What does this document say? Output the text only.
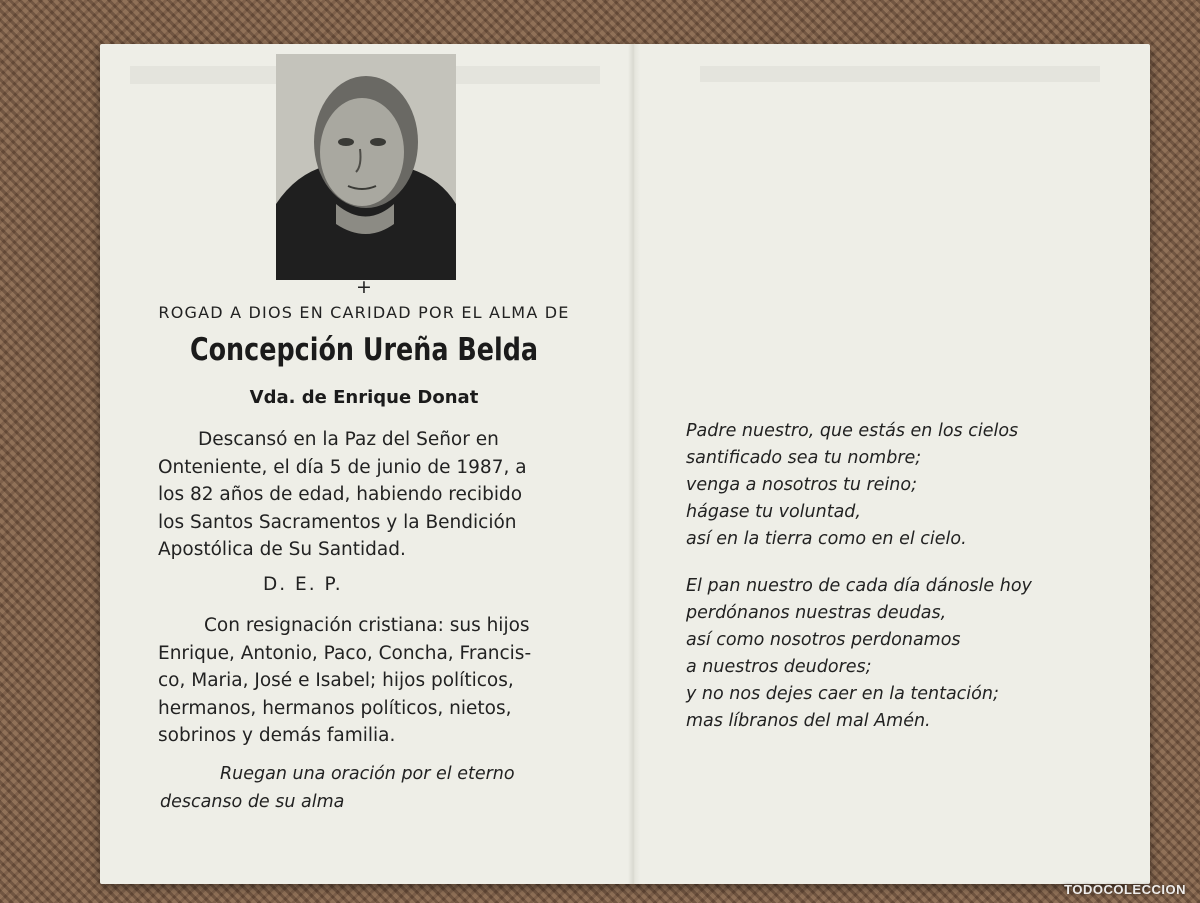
+
ROGAD A DIOS EN CARIDAD POR EL ALMA DE
Concepción Ureña Belda
Vda. de Enrique Donat
Descansó en la Paz del Señor en
Onteniente, el día 5 de junio de 1987, a
los 82 años de edad, habiendo recibido
los Santos Sacramentos y la Bendición
Apostólica de Su Santidad.
D. E. P.
Con resignación cristiana: sus hijos
Enrique, Antonio, Paco, Concha, Francis-
co, Maria, José e Isabel; hijos políticos,
hermanos, hermanos políticos, nietos,
sobrinos y demás familia.
Ruegan una oración por el eterno
descanso de su alma
Padre nuestro, que estás en los cielos
santificado sea tu nombre;
venga a nosotros tu reino;
hágase tu voluntad,
así en la tierra como en el cielo.
El pan nuestro de cada día dánosle hoy
perdónanos nuestras deudas,
así como nosotros perdonamos
a nuestros deudores;
y no nos dejes caer en la tentación;
mas líbranos del mal Amén.
TODOCOLECCION
